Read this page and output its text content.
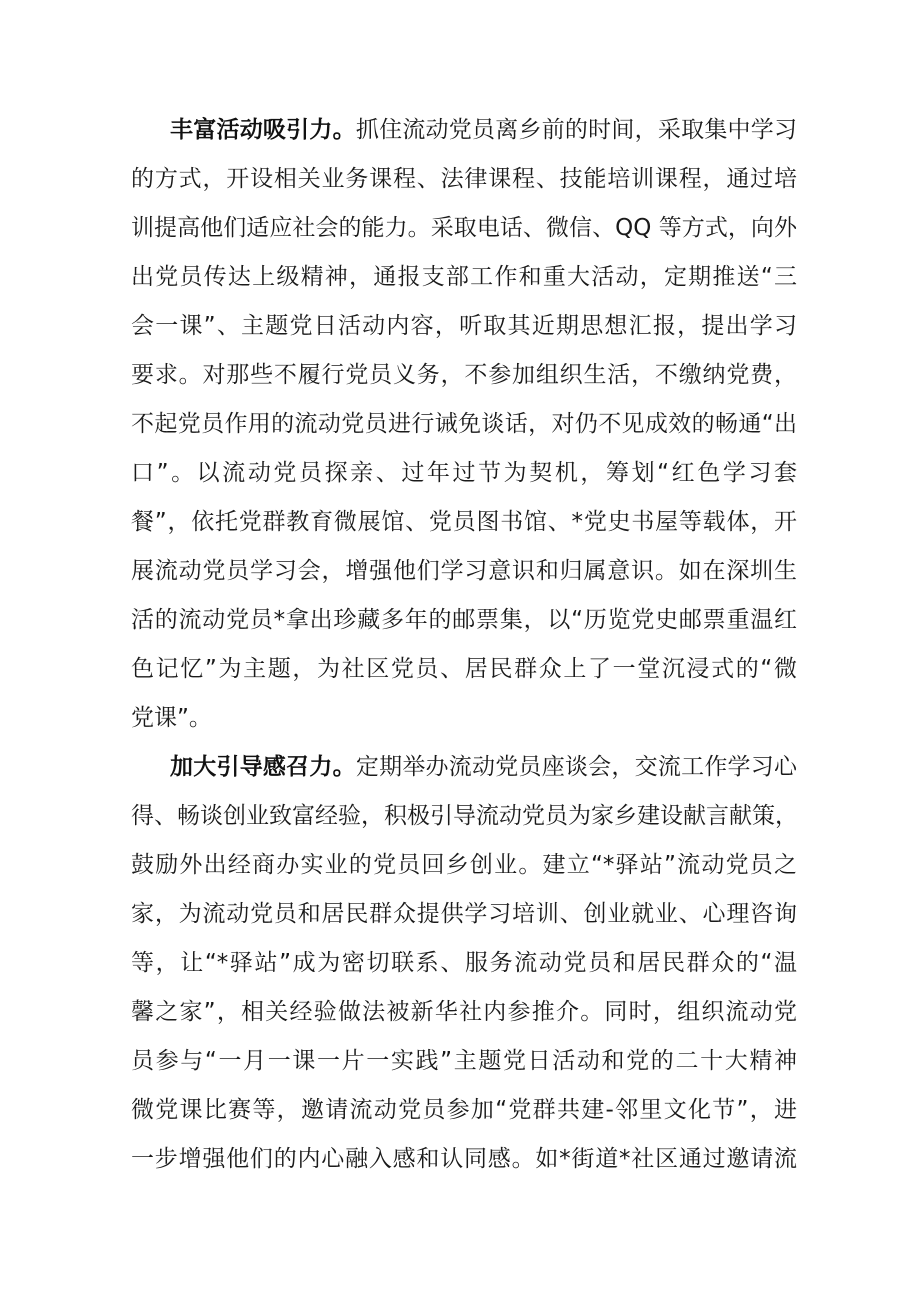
丰富活动吸引力。抓住流动党员离乡前的时间，采取集中学习
的方式，开设相关业务课程、法律课程、技能培训课程，通过培
训提高他们适应社会的能力。采取电话、微信、QQ 等方式，向外
出党员传达上级精神，通报支部工作和重大活动，定期推送“三
会一课”、主题党日活动内容，听取其近期思想汇报，提出学习
要求。对那些不履行党员义务，不参加组织生活，不缴纳党费，
不起党员作用的流动党员进行诫免谈话，对仍不见成效的畅通“出
口”。以流动党员探亲、过年过节为契机，筹划“红色学习套
餐”，依托党群教育微展馆、党员图书馆、*党史书屋等载体，开
展流动党员学习会，增强他们学习意识和归属意识。如在深圳生
活的流动党员*拿出珍藏多年的邮票集，以“历览党史邮票重温红
色记忆”为主题，为社区党员、居民群众上了一堂沉浸式的“微
党课”。
加大引导感召力。定期举办流动党员座谈会，交流工作学习心
得、畅谈创业致富经验，积极引导流动党员为家乡建设献言献策，
鼓励外出经商办实业的党员回乡创业。建立“*驿站”流动党员之
家，为流动党员和居民群众提供学习培训、创业就业、心理咨询
等，让“*驿站”成为密切联系、服务流动党员和居民群众的“温
馨之家”，相关经验做法被新华社内参推介。同时，组织流动党
员参与“一月一课一片一实践”主题党日活动和党的二十大精神
微党课比赛等，邀请流动党员参加“党群共建-邻里文化节”，进
一步增强他们的内心融入感和认同感。如*街道*社区通过邀请流
